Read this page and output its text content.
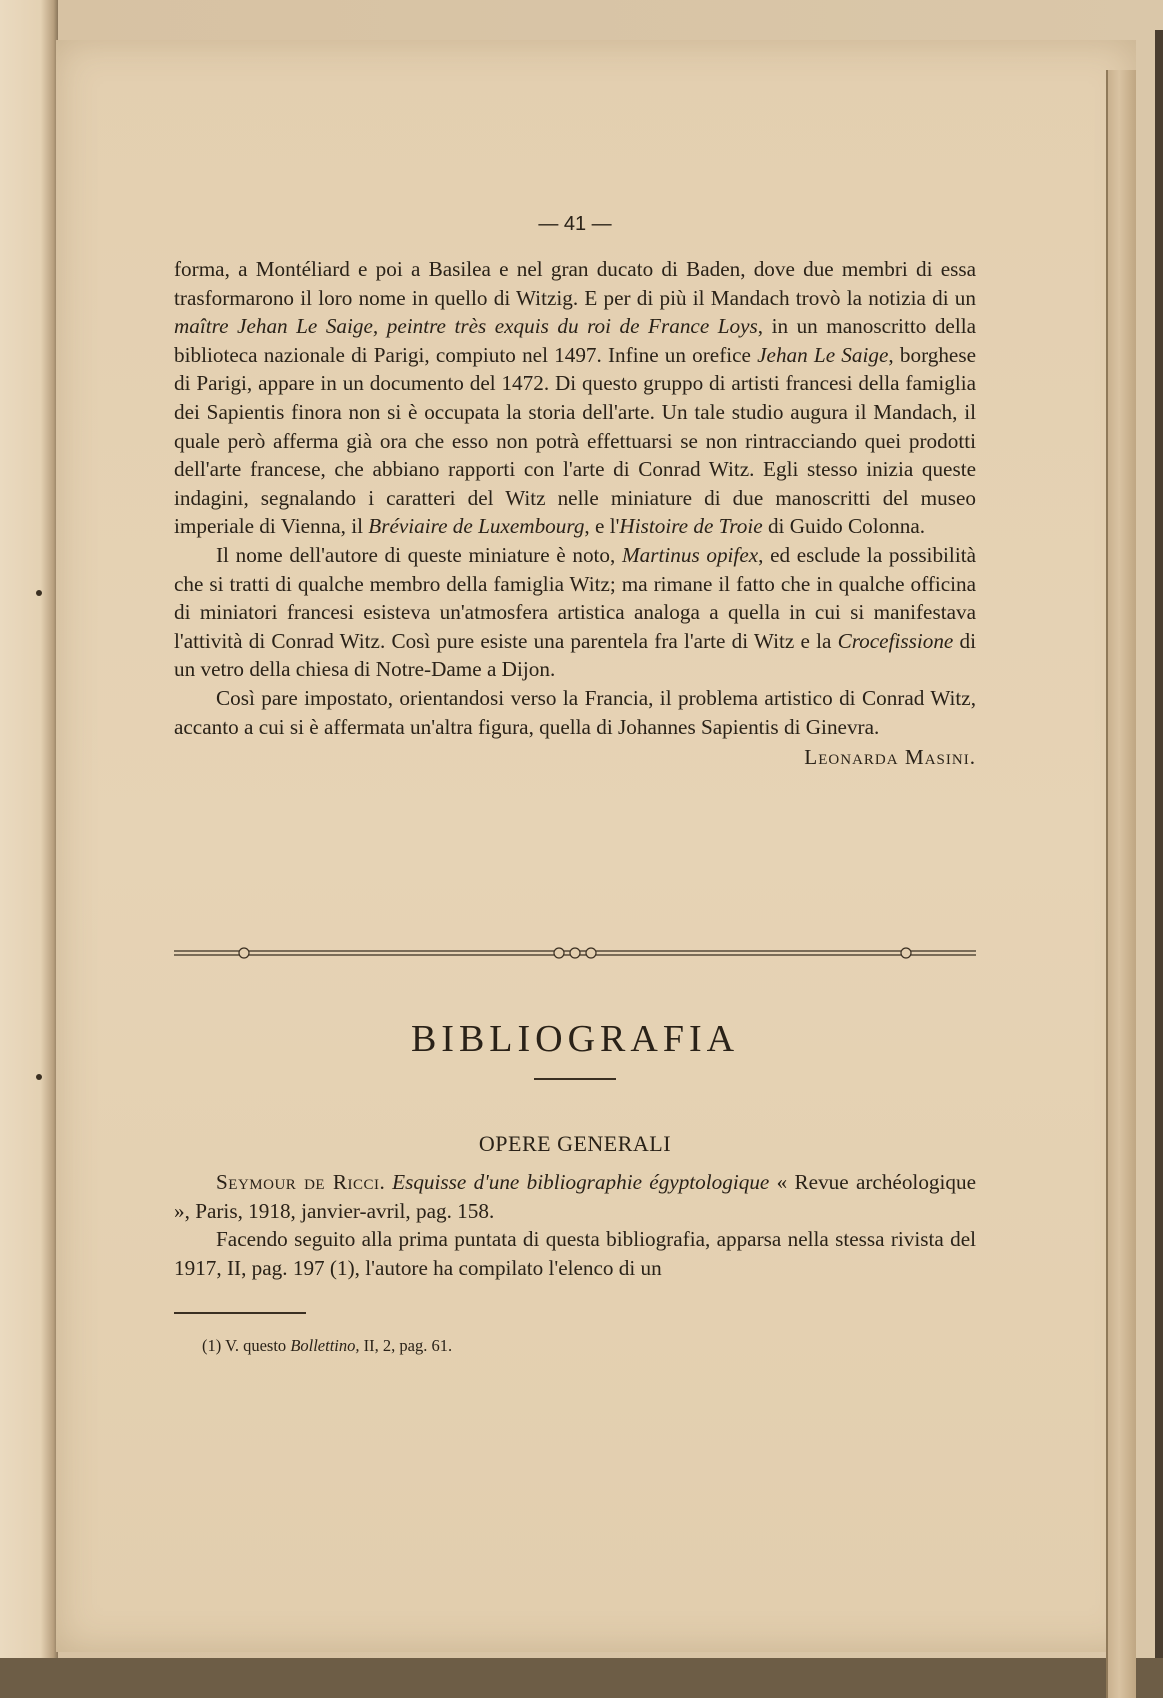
— 41 —

forma, a Montéliard e poi a Basilea e nel gran ducato di Baden, dove due membri di essa trasformarono il loro nome in quello di Witzig. E per di più il Mandach trovò la notizia di un maître Jehan Le Saige, peintre très exquis du roi de France Loys, in un manoscritto della biblioteca nazionale di Parigi, compiuto nel 1497. Infine un orefice Jehan Le Saige, borghese di Parigi, appare in un documento del 1472. Di questo gruppo di artisti francesi della famiglia dei Sapientis finora non si è occupata la storia dell'arte. Un tale studio augura il Mandach, il quale però afferma già ora che esso non potrà effettuarsi se non rintracciando quei prodotti dell'arte francese, che abbiano rapporti con l'arte di Conrad Witz. Egli stesso inizia queste indagini, segnalando i caratteri del Witz nelle miniature di due manoscritti del museo imperiale di Vienna, il Bréviaire de Luxembourg, e l'Histoire de Troie di Guido Colonna.

Il nome dell'autore di queste miniature è noto, Martinus opifex, ed esclude la possibilità che si tratti di qualche membro della famiglia Witz; ma rimane il fatto che in qualche officina di miniatori francesi esisteva un'atmosfera artistica analoga a quella in cui si manifestava l'attività di Conrad Witz. Così pure esiste una parentela fra l'arte di Witz e la Crocefissione di un vetro della chiesa di Notre-Dame a Dijon.

Così pare impostato, orientandosi verso la Francia, il problema artistico di Conrad Witz, accanto a cui si è affermata un'altra figura, quella di Johannes Sapientis di Ginevra.

Leonarda Masini.

BIBLIOGRAFIA
OPERE GENERALI

Seymour de Ricci. Esquisse d'une bibliographie égyptologique « Revue archéologique », Paris, 1918, janvier-avril, pag. 158.

Facendo seguito alla prima puntata di questa bibliografia, apparsa nella stessa rivista del 1917, II, pag. 197 (1), l'autore ha compilato l'elenco di un

(1) V. questo Bollettino, II, 2, pag. 61.
